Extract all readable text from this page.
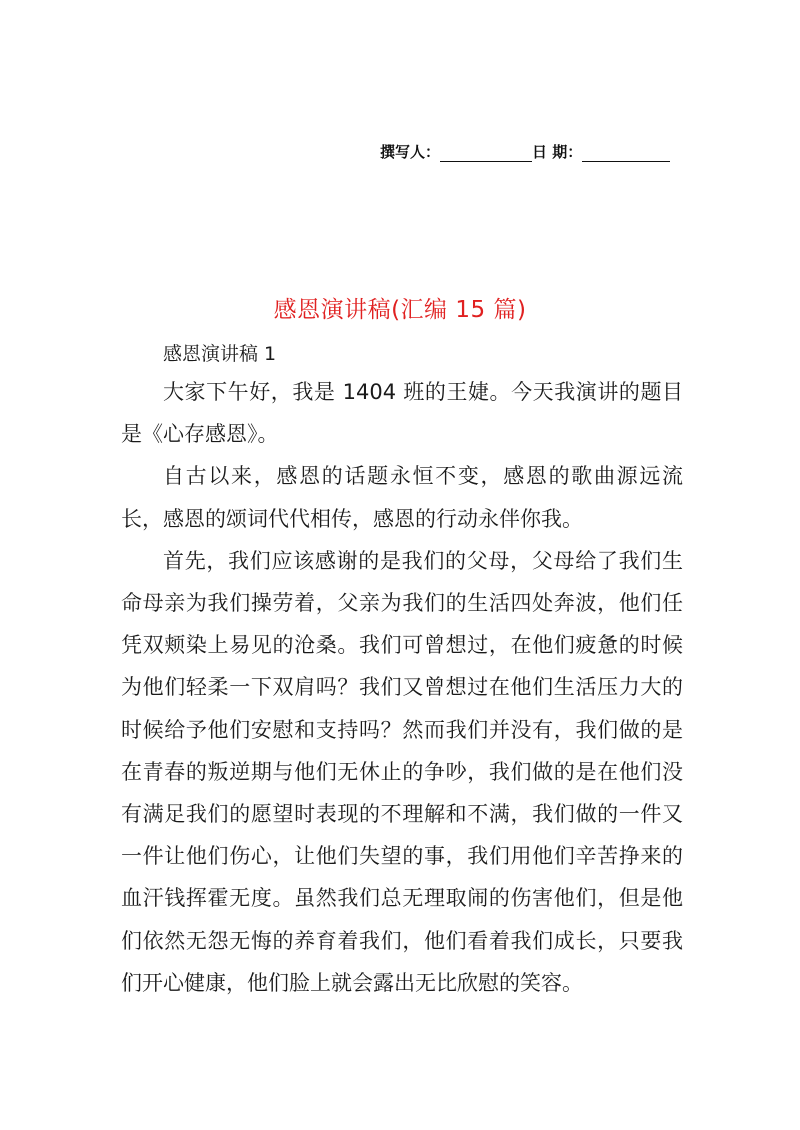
撰写人：	日 期：
感恩演讲稿(汇编 15 篇)
感恩演讲稿 1

大家下午好，我是 1404 班的王婕。今天我演讲的题目是《心存感恩》。

自古以来，感恩的话题永恒不变，感恩的歌曲源远流长，感恩的颂词代代相传，感恩的行动永伴你我。

首先，我们应该感谢的是我们的父母，父母给了我们生命母亲为我们操劳着，父亲为我们的生活四处奔波，他们任凭双颊染上易见的沧桑。我们可曾想过，在他们疲惫的时候为他们轻柔一下双肩吗？我们又曾想过在他们生活压力大的时候给予他们安慰和支持吗？然而我们并没有，我们做的是在青春的叛逆期与他们无休止的争吵，我们做的是在他们没有满足我们的愿望时表现的不理解和不满，我们做的一件又一件让他们伤心，让他们失望的事，我们用他们辛苦挣来的血汗钱挥霍无度。虽然我们总无理取闹的伤害他们，但是他们依然无怨无悔的养育着我们，他们看着我们成长，只要我们开心健康，他们脸上就会露出无比欣慰的笑容。
